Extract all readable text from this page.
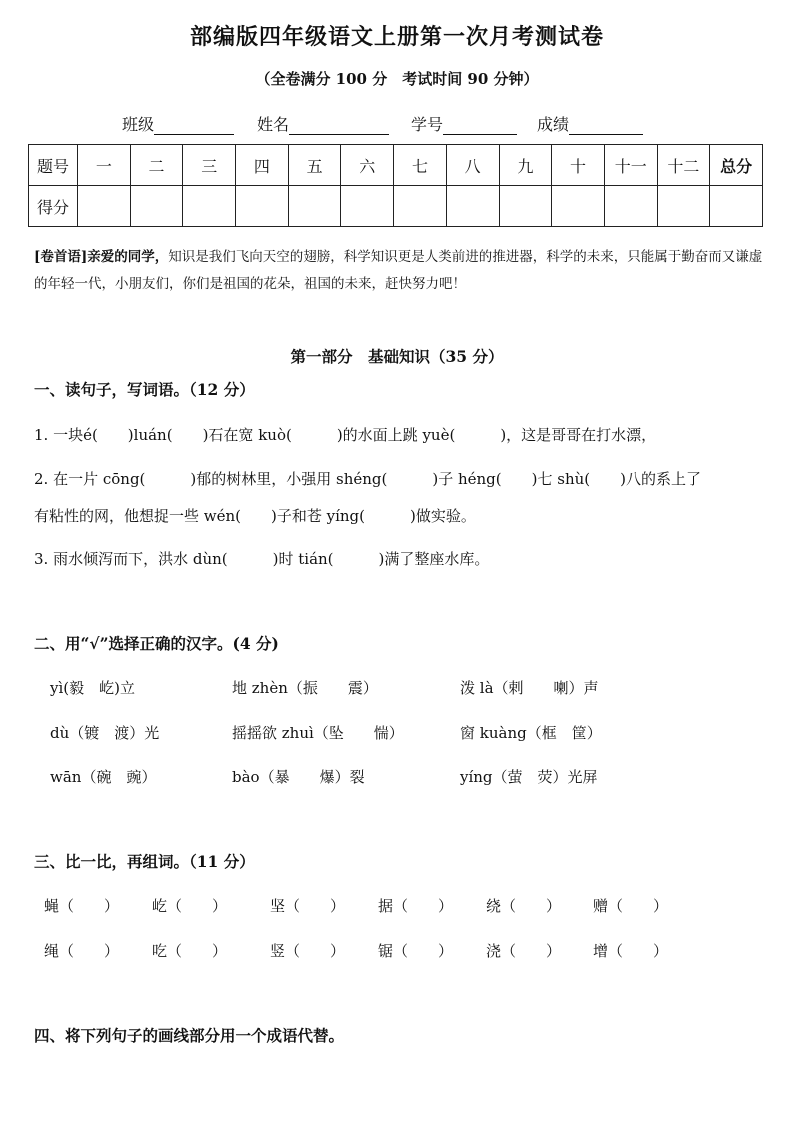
部编版四年级语文上册第一次月考测试卷
（全卷满分 100 分　考试时间 90 分钟）
班级	姓名	学号	成绩
题号	一	二	三	四	五	六	七	八	九	十	十一	十二	总分
得分													
[卷首语]亲爱的同学，知识是我们飞向天空的翅膀，科学知识更是人类前进的推进器，科学的未来，只能属于勤奋而又谦虚的年轻一代，小朋友们，你们是祖国的花朵，祖国的未来，赶快努力吧！
第一部分　基础知识（35 分）
一、读句子，写词语。（12 分）
1. 一块é(　　)luán(　　)石在宽 kuò(　　　)的水面上跳 yuè(　　　)，这是哥哥在打水漂，
2. 在一片 cōng(　　　)郁的树林里，小强用 shéng(　　　)子 héng(　　)七 shù(　　)八的系上了
有粘性的网，他想捉一些 wén(　　)子和苍 yíng(　　　)做实验。
3. 雨水倾泻而下，洪水 dùn(　　　)时 tián(　　　)满了整座水库。
二、用“√”选择正确的汉字。(4 分)
yì(毅　屹)立	地 zhèn（振　　震）	泼 là（剌　　喇）声
dù（镀　渡）光	摇摇欲 zhuì（坠　　惴）	窗 kuàng（框　筐）
wān（碗　豌）	bào（暴　　爆）裂	yíng（萤　荧）光屏
三、比一比，再组词。（11 分）
蝇（　　） 屹（　　）	坚（　　） 据（　　） 绕（　　） 赠（　　）
绳（　　） 吃（　　）	竖（　　） 锯（　　） 浇（　　） 增（　　）
四、将下列句子的画线部分用一个成语代替。
